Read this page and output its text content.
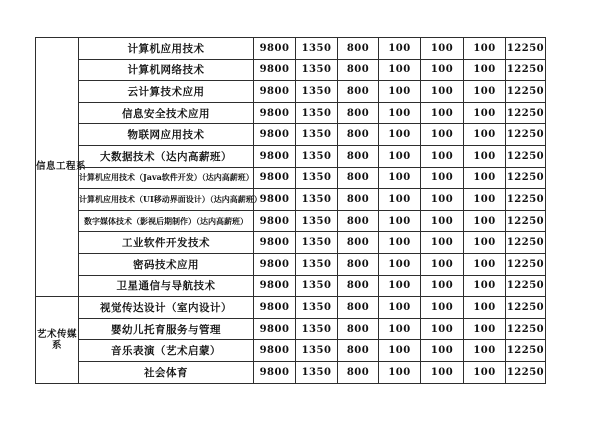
信息工程系	计算机应用技术	9800	1350	800	100	100	100	12250
	计算机网络技术	9800	1350	800	100	100	100	12250
	云计算技术应用	9800	1350	800	100	100	100	12250
	信息安全技术应用	9800	1350	800	100	100	100	12250
	物联网应用技术	9800	1350	800	100	100	100	12250
	大数据技术（达内高薪班）	9800	1350	800	100	100	100	12250
	计算机应用技术（Java软件开发）（达内高薪班）	9800	1350	800	100	100	100	12250
	计算机应用技术（UI移动界面设计）（达内高薪班）	9800	1350	800	100	100	100	12250
	数字媒体技术（影视后期制作）（达内高薪班）	9800	1350	800	100	100	100	12250
	工业软件开发技术	9800	1350	800	100	100	100	12250
	密码技术应用	9800	1350	800	100	100	100	12250
	卫星通信与导航技术	9800	1350	800	100	100	100	12250
艺术传媒系	视觉传达设计（室内设计）	9800	1350	800	100	100	100	12250
	婴幼儿托育服务与管理	9800	1350	800	100	100	100	12250
	音乐表演（艺术启蒙）	9800	1350	800	100	100	100	12250
	社会体育	9800	1350	800	100	100	100	12250
